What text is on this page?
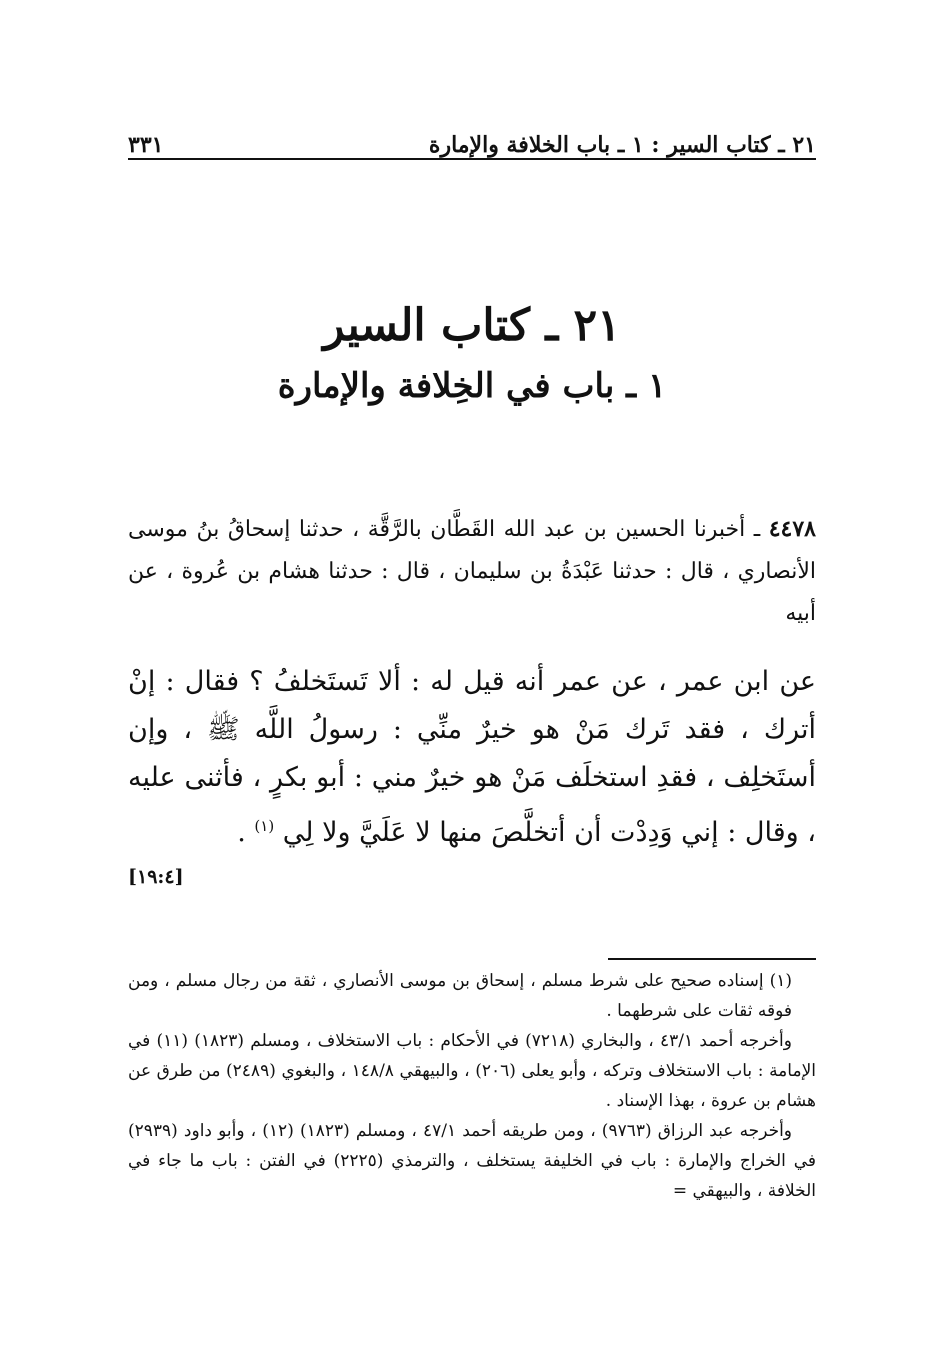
٢١ ـ كتاب السير : ١ ـ باب الخلافة والإمارة
٣٣١
٢١ ـ كتاب السير
١ ـ باب في الخِلافة والإمارة
٤٤٧٨ ـ أخبرنا الحسين بن عبد الله القَطَّان بالرَّقَّة ، حدثنا إسحاقُ بنُ موسى الأنصاري ، قال : حدثنا عَبْدَةُ بن سليمان ، قال : حدثنا هشام بن عُروة ، عن أبيه
عن ابن عمر ، عن عمر أنه قيل له : ألا تَستَخلفُ ؟ فقال : إنْ أترك ، فقد تَرك مَنْ هو خيرٌ منِّي : رسولُ اللَّه ﷺ ، وإن أستَخلِف ، فقدِ استخلَف مَنْ هو خيرٌ مني : أبو بكرٍ ، فأثنى عليه ، وقال : إني وَدِدْت أن أتخلَّصَ منها لا عَلَيَّ ولا لِي $^{(١)}$ .
[١٩:٤]

(١) إسناده صحيح على شرط مسلم ، إسحاق بن موسى الأنصاري ، ثقة من رجال مسلم ، ومن فوقه ثقات على شرطهما .

وأخرجه أحمد ٤٣/١ ، والبخاري (٧٢١٨) في الأحكام : باب الاستخلاف ، ومسلم (١٨٢٣) (١١) في الإمامة : باب الاستخلاف وتركه ، وأبو يعلى (٢٠٦) ، والبيهقي ١٤٨/٨ ، والبغوي (٢٤٨٩) من طرق عن هشام بن عروة ، بهذا الإسناد .

وأخرجه عبد الرزاق (٩٧٦٣) ، ومن طريقه أحمد ٤٧/١ ، ومسلم (١٨٢٣) (١٢) ، وأبو داود (٢٩٣٩) في الخراج والإمارة : باب في الخليفة يستخلف ، والترمذي (٢٢٢٥) في الفتن : باب ما جاء في الخلافة ، والبيهقي =
